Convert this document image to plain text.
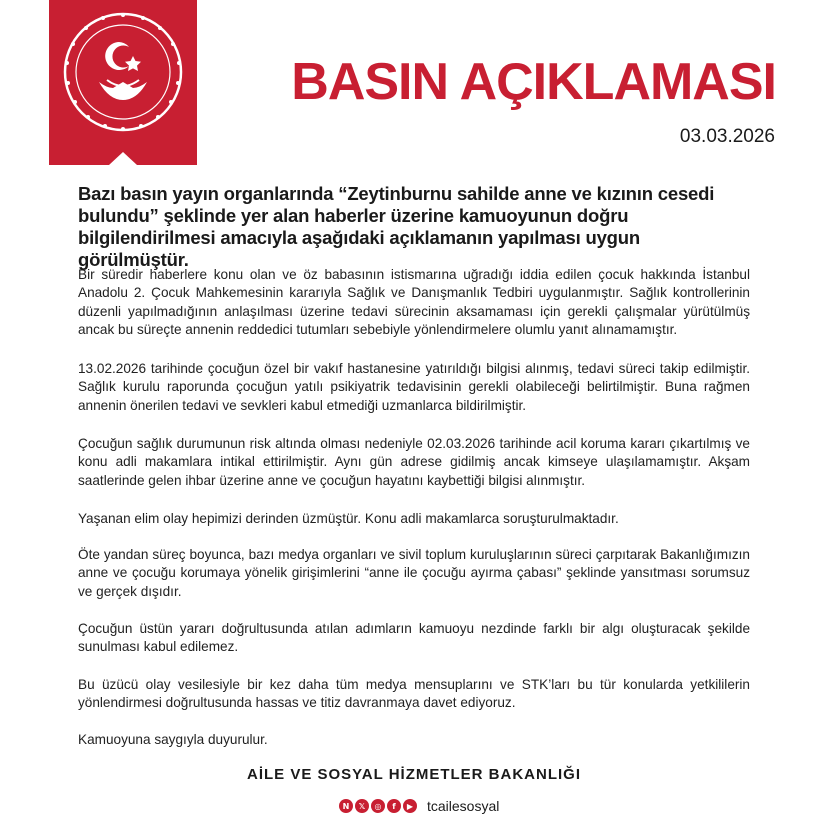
BASIN AÇIKLAMASI
03.03.2026
Bazı basın yayın organlarında “Zeytinburnu sahilde anne ve kızının cesedi bulundu” şeklinde yer alan haberler üzerine kamuoyunun doğru bilgilendirilmesi amacıyla aşağıdaki açıklamanın yapılması uygun görülmüştür.
Bir süredir haberlere konu olan ve öz babasının istismarına uğradığı iddia edilen çocuk hakkında İstanbul Anadolu 2. Çocuk Mahkemesinin kararıyla Sağlık ve Danışmanlık Tedbiri uygulanmıştır. Sağlık kontrollerinin düzenli yapılmadığının anlaşılması üzerine tedavi sürecinin aksamaması için gerekli çalışmalar yürütülmüş ancak bu süreçte annenin reddedici tutumları sebebiyle yönlendirmelere olumlu yanıt alınamamıştır.
13.02.2026 tarihinde çocuğun özel bir vakıf hastanesine yatırıldığı bilgisi alınmış, tedavi süreci takip edilmiştir. Sağlık kurulu raporunda çocuğun yatılı psikiyatrik tedavisinin gerekli olabileceği belirtilmiştir. Buna rağmen annenin önerilen tedavi ve sevkleri kabul etmediği uzmanlarca bildirilmiştir.
Çocuğun sağlık durumunun risk altında olması nedeniyle 02.03.2026 tarihinde acil koruma kararı çıkartılmış ve konu adli makamlara intikal ettirilmiştir. Aynı gün adrese gidilmiş ancak kimseye ulaşılamamıştır. Akşam saatlerinde gelen ihbar üzerine anne ve çocuğun hayatını kaybettiği bilgisi alınmıştır.
Yaşanan elim olay hepimizi derinden üzmüştür. Konu adli makamlarca soruşturulmaktadır.
Öte yandan süreç boyunca, bazı medya organları ve sivil toplum kuruluşlarının süreci çarpıtarak Bakanlığımızın anne ve çocuğu korumaya yönelik girişimlerini “anne ile çocuğu ayırma çabası” şeklinde yansıtması sorumsuz ve gerçek dışıdır.
Çocuğun üstün yararı doğrultusunda atılan adımların kamuoyu nezdinde farklı bir algı oluşturacak şekilde sunulması kabul edilemez.
Bu üzücü olay vesilesiyle bir kez daha tüm medya mensuplarını ve STK’ları bu tür konularda yetkililerin yönlendirmesi doğrultusunda hassas ve titiz davranmaya davet ediyoruz.
Kamuoyuna saygıyla duyurulur.
AİLE VE SOSYAL HİZMETLER BAKANLIĞI
N	𝕏	◎	f	▶ tcailesosyal
